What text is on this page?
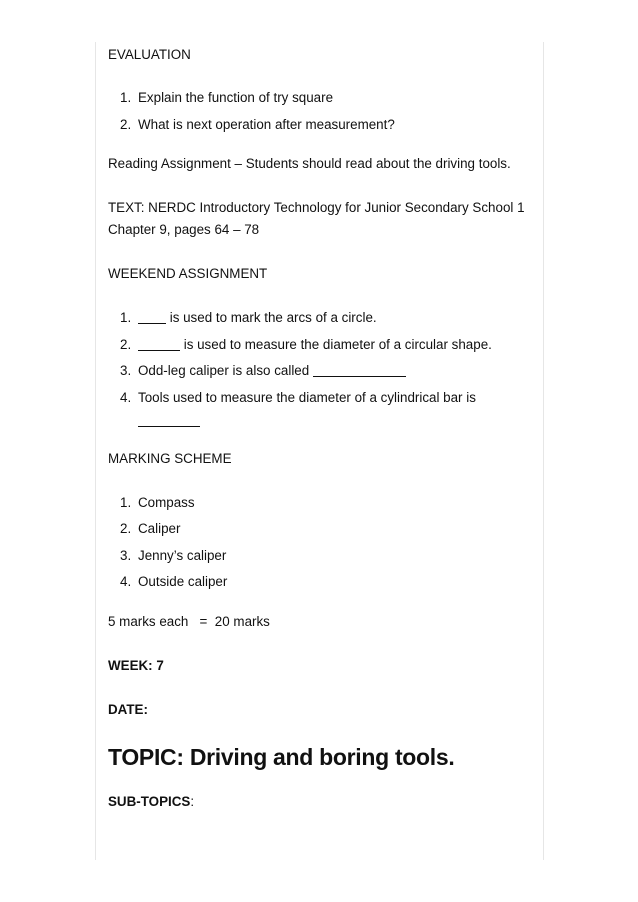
EVALUATION
1. Explain the function of try square
2. What is next operation after measurement?
Reading Assignment – Students should read about the driving tools.
TEXT: NERDC Introductory Technology for Junior Secondary School 1
Chapter 9, pages 64 – 78
WEEKEND ASSIGNMENT
1.	is used to mark the arcs of a circle.
2.	is used to measure the diameter of a circular shape.
3. Odd-leg caliper is also called
4. Tools used to measure the diameter of a cylindrical bar is
MARKING SCHEME
1. Compass
2. Caliper
3. Jenny’s caliper
4. Outside caliper
5 marks each   =  20 marks
WEEK: 7
DATE:
TOPIC: Driving and boring tools.
SUB-TOPICS:
